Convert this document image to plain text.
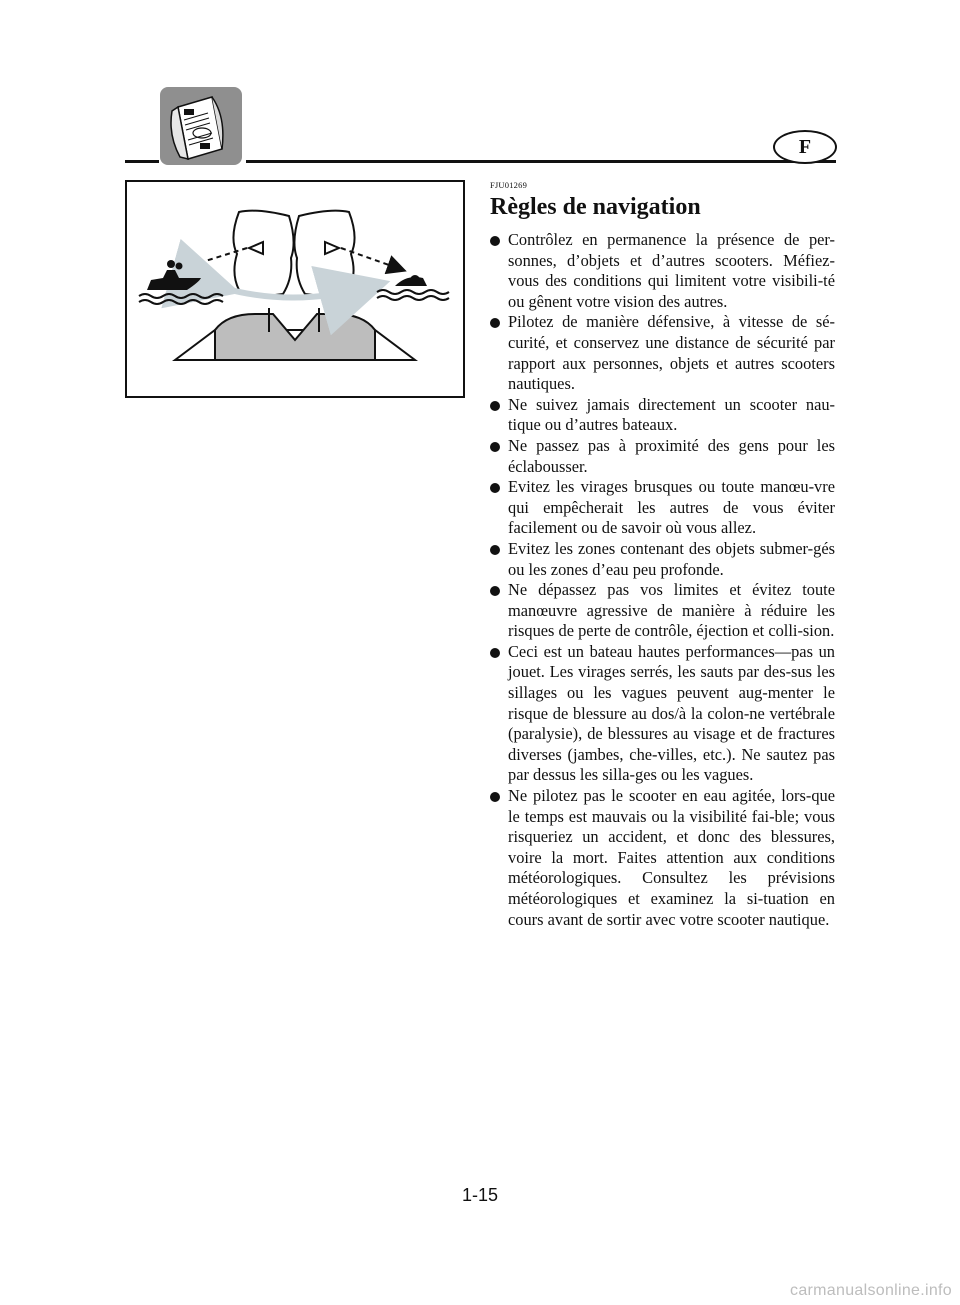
F
FJU01269
Règles de navigation
Contrôlez en permanence la présence de per-sonnes, d’objets et d’autres scooters. Méfiez-vous des conditions qui limitent votre visibili-té ou gênent votre vision des autres.
Pilotez de manière défensive, à vitesse de sé-curité, et conservez une distance de sécurité par rapport aux personnes, objets et autres scooters nautiques.
Ne suivez jamais directement un scooter nau-tique ou d’autres bateaux.
Ne passez pas à proximité des gens pour les éclabousser.
Evitez les virages brusques ou toute manœu-vre qui empêcherait les autres de vous éviter facilement ou de savoir où vous allez.
Evitez les zones contenant des objets submer-gés ou les zones d’eau peu profonde.
Ne dépassez pas vos limites et évitez toute manœuvre agressive de manière à réduire les risques de perte de contrôle, éjection et colli-sion.
Ceci est un bateau hautes performances—pas un jouet. Les virages serrés, les sauts par des-sus les sillages ou les vagues peuvent aug-menter le risque de blessure au dos/à la colon-ne vertébrale (paralysie), de blessures au visage et de fractures diverses (jambes, che-villes, etc.). Ne sautez pas par dessus les silla-ges ou les vagues.
Ne pilotez pas le scooter en eau agitée, lors-que le temps est mauvais ou la visibilité fai-ble; vous risqueriez un accident, et donc des blessures, voire la mort. Faites attention aux conditions météorologiques. Consultez les prévisions météorologiques et examinez la si-tuation en cours avant de sortir avec votre scooter nautique.
1-15
carmanualsonline.info
